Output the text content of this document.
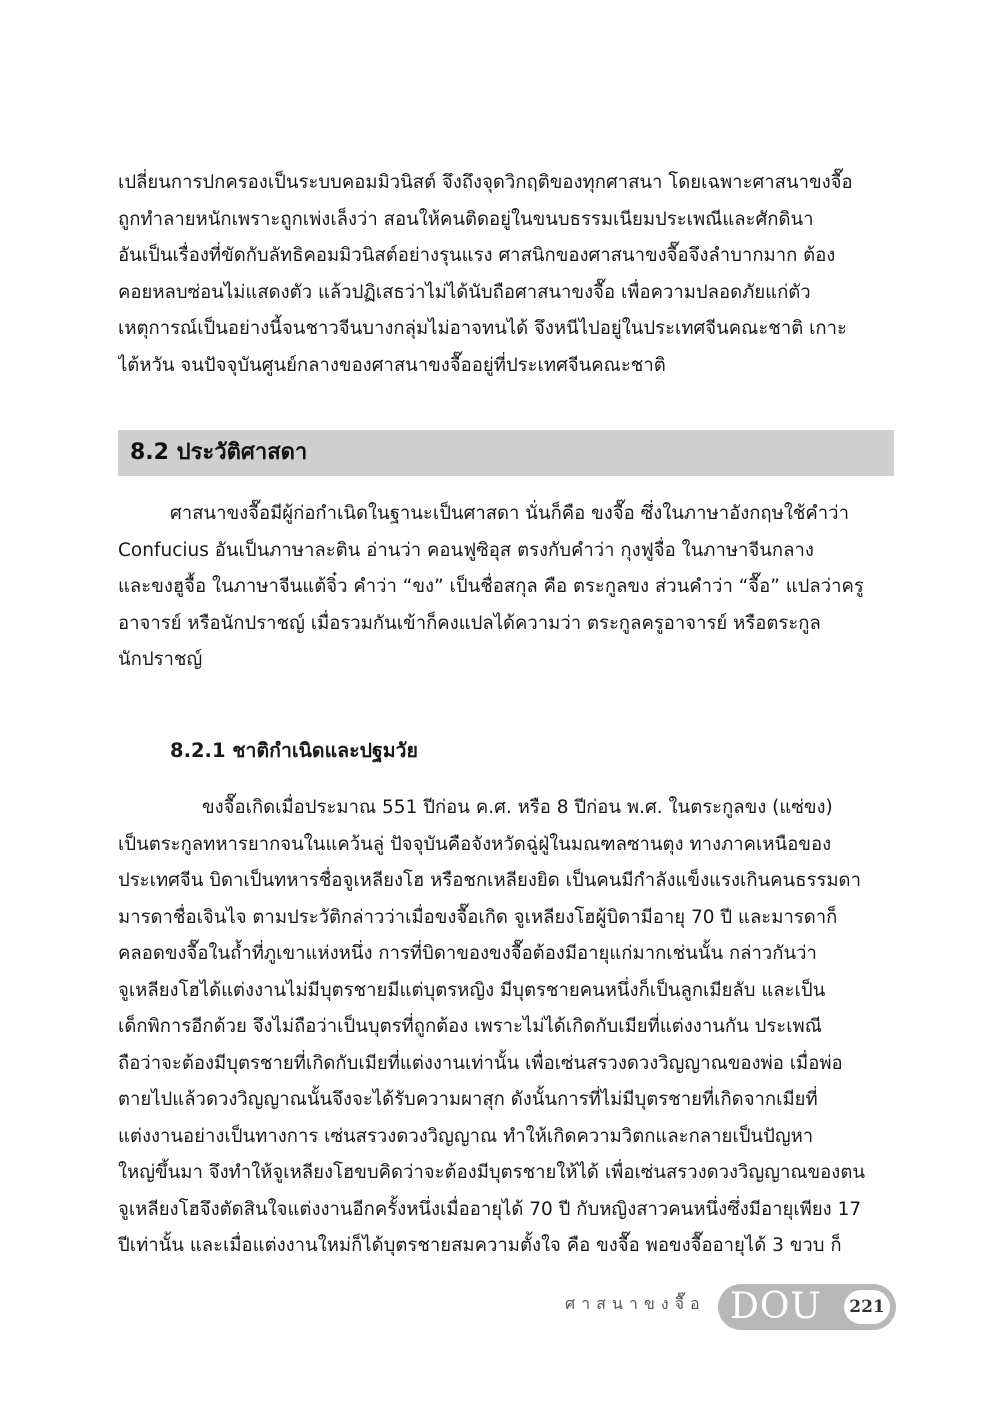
เปลี่ยนการปกครองเป็นระบบคอมมิวนิสต์ จึงถึงจุดวิกฤติของทุกศาสนา โดยเฉพาะศาสนาขงจื๊อ
ถูกทำลายหนักเพราะถูกเพ่งเล็งว่า สอนให้คนติดอยู่ในขนบธรรมเนียมประเพณีและศักดินา
อันเป็นเรื่องที่ขัดกับลัทธิคอมมิวนิสต์อย่างรุนแรง ศาสนิกของศาสนาขงจื๊อจึงลำบากมาก ต้อง
คอยหลบซ่อนไม่แสดงตัว แล้วปฏิเสธว่าไม่ได้นับถือศาสนาขงจื๊อ เพื่อความปลอดภัยแก่ตัว
เหตุการณ์เป็นอย่างนี้จนชาวจีนบางกลุ่มไม่อาจทนได้ จึงหนีไปอยู่ในประเทศจีนคณะชาติ เกาะ
ไต้หวัน จนปัจจุบันศูนย์กลางของศาสนาขงจื๊ออยู่ที่ประเทศจีนคณะชาติ
8.2 ประวัติศาสดา
ศาสนาขงจื๊อมีผู้ก่อกำเนิดในฐานะเป็นศาสดา นั่นก็คือ ขงจื๊อ ซึ่งในภาษาอังกฤษใช้คำว่า
Confucius อันเป็นภาษาละติน อ่านว่า คอนฟูซิอุส ตรงกับคำว่า กุงฟูจื่อ ในภาษาจีนกลาง
และขงฮูจื้อ ในภาษาจีนแต้จิ๋ว คำว่า “ขง” เป็นชื่อสกุล คือ ตระกูลขง ส่วนคำว่า “จื๊อ” แปลว่าครู
อาจารย์ หรือนักปราชญ์ เมื่อรวมกันเข้าก็คงแปลได้ความว่า ตระกูลครูอาจารย์ หรือตระกูล
นักปราชญ์
8.2.1 ชาติกำเนิดและปฐมวัย
ขงจื๊อเกิดเมื่อประมาณ 551 ปีก่อน ค.ศ. หรือ 8 ปีก่อน พ.ศ. ในตระกูลขง (แซ่ขง)
เป็นตระกูลทหารยากจนในแคว้นลู่ ปัจจุบันคือจังหวัดฉู่ฝู่ในมณฑลซานตุง ทางภาคเหนือของ
ประเทศจีน บิดาเป็นทหารชื่อจูเหลียงโฮ หรือชกเหลียงยิด เป็นคนมีกำลังแข็งแรงเกินคนธรรมดา
มารดาชื่อเจินไจ ตามประวัติกล่าวว่าเมื่อขงจื๊อเกิด จูเหลียงโฮผู้บิดามีอายุ 70 ปี และมารดาก็
คลอดขงจื๊อในถ้ำที่ภูเขาแห่งหนึ่ง การที่บิดาของขงจื๊อต้องมีอายุแก่มากเช่นนั้น กล่าวกันว่า
จูเหลียงโฮได้แต่งงานไม่มีบุตรชายมีแต่บุตรหญิง มีบุตรชายคนหนึ่งก็เป็นลูกเมียลับ และเป็น
เด็กพิการอีกด้วย จึงไม่ถือว่าเป็นบุตรที่ถูกต้อง เพราะไม่ได้เกิดกับเมียที่แต่งงานกัน ประเพณี
ถือว่าจะต้องมีบุตรชายที่เกิดกับเมียที่แต่งงานเท่านั้น เพื่อเซ่นสรวงดวงวิญญาณของพ่อ เมื่อพ่อ
ตายไปแล้วดวงวิญญาณนั้นจึงจะได้รับความผาสุก ดังนั้นการที่ไม่มีบุตรชายที่เกิดจากเมียที่
แต่งงานอย่างเป็นทางการ เซ่นสรวงดวงวิญญาณ ทำให้เกิดความวิตกและกลายเป็นปัญหา
ใหญ่ขึ้นมา จึงทำให้จูเหลียงโฮขบคิดว่าจะต้องมีบุตรชายให้ได้ เพื่อเซ่นสรวงดวงวิญญาณของตน
จูเหลียงโฮจึงตัดสินใจแต่งงานอีกครั้งหนึ่งเมื่ออายุได้ 70 ปี กับหญิงสาวคนหนึ่งซึ่งมีอายุเพียง 17
ปีเท่านั้น และเมื่อแต่งงานใหม่ก็ได้บุตรชายสมความตั้งใจ คือ ขงจื๊อ พอขงจื๊ออายุได้ 3 ขวบ ก็
ศาสนาขงจื๊อ DOU	221
